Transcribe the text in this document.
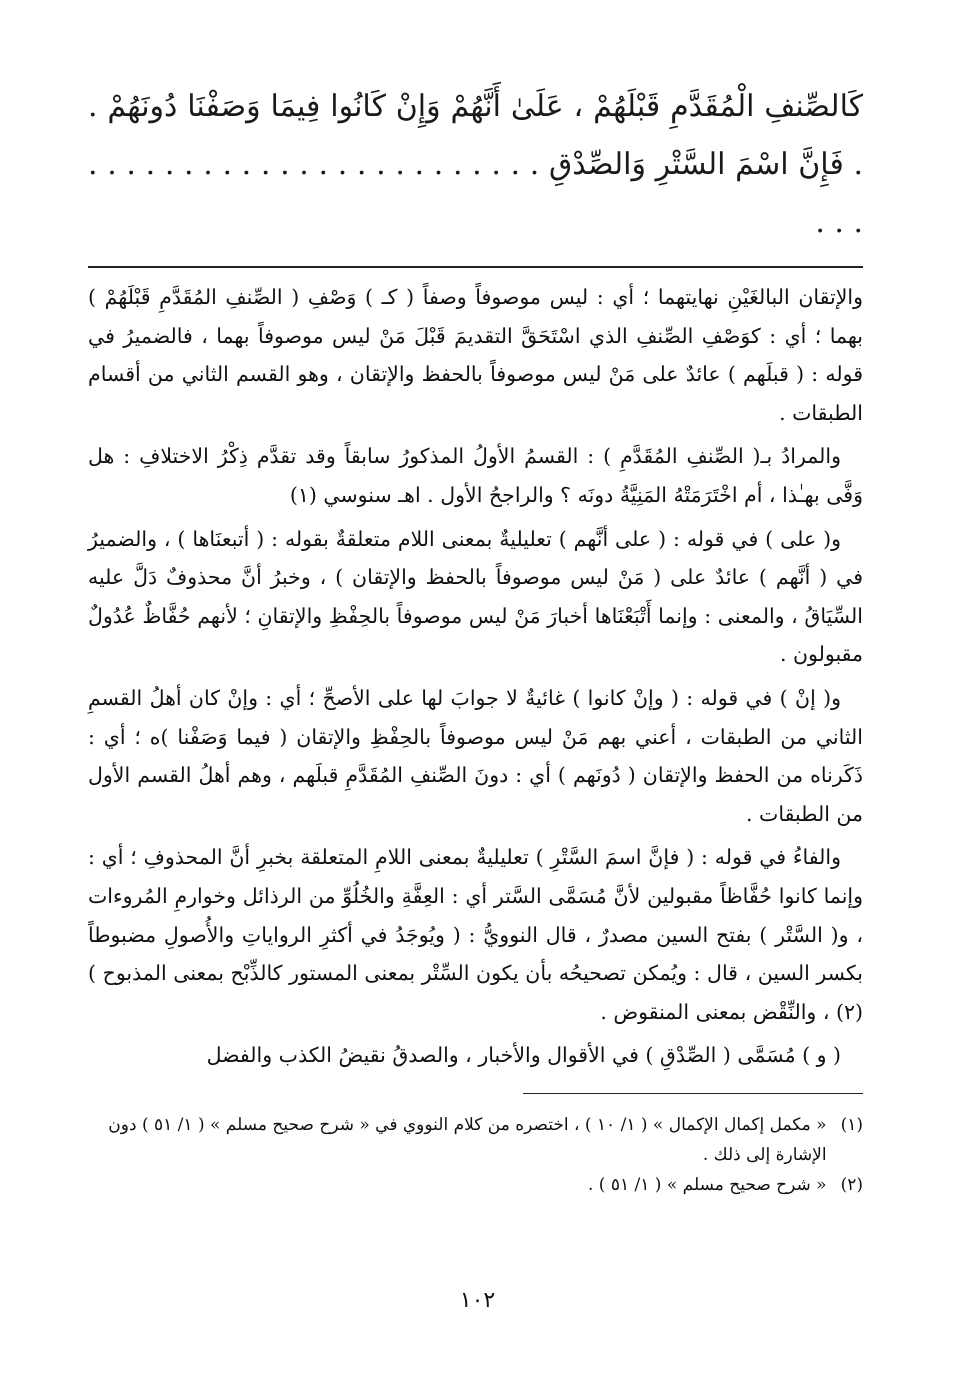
كَالصِّنفِ الْمُقَدَّمِ قَبْلَهُمْ ، عَلَىٰ أَنَّهُمْ وَإِنْ كَانُوا فِيمَا وَصَفْنَا دُونَهُمْ . . فَإِنَّ اسْمَ السَّتْرِ وَالصِّدْقِ . . . . . . . . . . . . . . . . . . . . . . . . . . .

والإتقان البالغَيْنِ نهايتهما ؛ أي : ليس موصوفاً وصفاً ( كـ ) وَصْفِ ( الصِّنفِ المُقَدَّمِ قَبْلَهُمْ ) بهما ؛ أي : كوَصْفِ الصِّنفِ الذي اسْتَحَقَّ التقديمَ قَبْلَ مَنْ ليس موصوفاً بهما ، فالضميرُ في قوله : ( قبلَهم ) عائدٌ على مَنْ ليس موصوفاً بالحفظ والإتقان ، وهو القسم الثاني من أقسام الطبقات .

والمرادُ بـ( الصِّنفِ المُقَدَّمِ ) : القسمُ الأولُ المذكورُ سابقاً وقد تقدَّم ذِكْرُ الاختلافِ : هل وَفَّى بهـٰذا ، أم اخْتَرَمَتْهُ المَنِيَّةُ دونَه ؟ والراجحُ الأول . اهـ سنوسي (١)

و( على ) في قوله : ( على أنَّهم ) تعليليةٌ بمعنى اللام متعلقةٌ بقوله : ( أتبعنَاها ) ، والضميرُ في ( أنَّهم ) عائدٌ على ( مَنْ ليس موصوفاً بالحفظ والإتقان ) ، وخبرُ أنَّ محذوفٌ دَلَّ عليه السِّيَاقُ ، والمعنى : وإنما أَتْبَعْنَاها أخبارَ مَنْ ليس موصوفاً بالحِفْظِ والإتقانِ ؛ لأنهم حُفَّاظٌ عُدُولٌ مقبولون .

و( إنْ ) في قوله : ( وإنْ كانوا ) غائيةٌ لا جوابَ لها على الأصحِّ ؛ أي : وإنْ كان أهلُ القسمِ الثاني من الطبقات ، أعني بهم مَنْ ليس موصوفاً بالحِفْظِ والإتقان ( فيما وَصَفْنا )ه ؛ أي : ذَكَرناه من الحفظ والإتقان ( دُونَهم ) أي : دونَ الصِّنفِ المُقَدَّمِ قبلَهم ، وهم أهلُ القسم الأول من الطبقات .

والفاءُ في قوله : ( فإنَّ اسمَ السَّتْرِ ) تعليليةٌ بمعنى اللامِ المتعلقة بخبرِ أنَّ المحذوفِ ؛ أي : وإنما كانوا حُفَّاظاً مقبولين لأنَّ مُسَمَّى السَّتر أي : العِفَّةِ والخُلُوِّ من الرذائل وخوارمِ المُروءات ، و( السَّتْر ) بفتح السين مصدرٌ ، قال النوويُّ : ( ويُوجَدُ في أكثرِ الرواياتِ والأُصولِ مضبوطاً بكسر السين ، قال : ويُمكن تصحيحُه بأن يكون السِّتْر بمعنى المستور كالذِّبْح بمعنى المذبوح )(٢) ، والنِّقْض بمعنى المنقوض .

( و ) مُسَمَّى ( الصِّدْقِ ) في الأقوال والأخبار ، والصدقُ نقيضُ الكذب والفضل

(١)
« مكمل إكمال الإكمال » ( ١/ ١٠ ) ، اختصره من كلام النووي في « شرح صحيح مسلم » ( ١/ ٥١ ) دون الإشارة إلى ذلك .
(٢)
« شرح صحيح مسلم » ( ١/ ٥١ ) .
١٠٢
